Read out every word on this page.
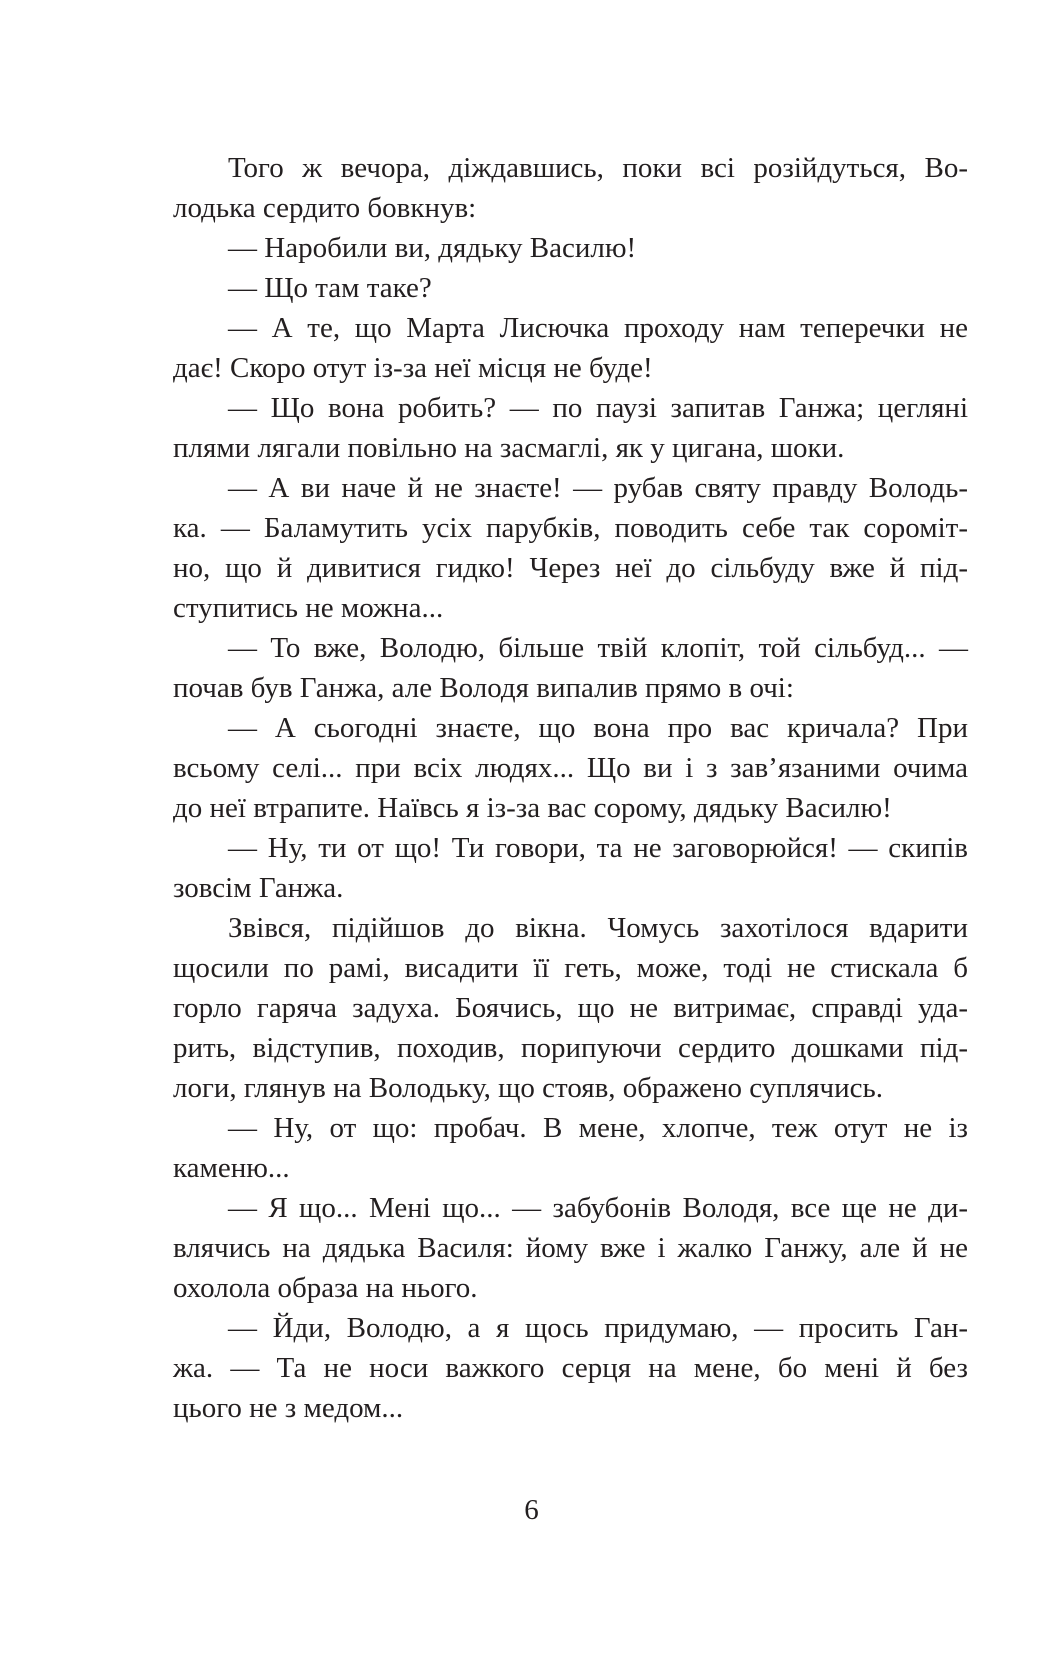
Того ж вечора, діждавшись, поки всі розійдуться, Во-
лодька сердито бовкнув:
— Наробили ви, дядьку Василю!
— Що там таке?
— А те, що Марта Лисючка проходу нам теперечки не
дає! Скоро отут із-за неї місця не буде!
— Що вона робить? — по паузі запитав Ганжа; цегляні
плями лягали повільно на засмаглі, як у цигана, шоки.
— А ви наче й не знаєте! — рубав святу правду Володь-
ка. — Баламутить усіх парубків, поводить себе так сороміт-
но, що й дивитися гидко! Через неї до сільбуду вже й під-
ступитись не можна...
— То вже, Володю, більше твій клопіт, той сільбуд... —
почав був Ганжа, але Володя випалив прямо в очі:
— А сьогодні знаєте, що вона про вас кричала? При
всьому селі... при всіх людях... Що ви і з зав’язаними очима
до неї втрапите. Наївсь я із-за вас сорому, дядьку Василю!
— Ну, ти от що! Ти говори, та не заговорюйся! — скипів
зовсім Ганжа.
Звівся, підійшов до вікна. Чомусь захотілося вдарити
щосили по рамі, висадити її геть, може, тоді не стискала б
горло гаряча задуха. Боячись, що не витримає, справді уда-
рить, відступив, походив, порипуючи сердито дошками під-
логи, глянув на Володьку, що стояв, ображено суплячись.
— Ну, от що: пробач. В мене, хлопче, теж отут не із
каменю...
— Я що... Мені що... — забубонів Володя, все ще не ди-
влячись на дядька Василя: йому вже і жалко Ганжу, але й не
охолола образа на нього.
— Йди, Володю, а я щось придумаю, — просить Ган-
жа. — Та не носи важкого серця на мене, бо мені й без
цього не з медом...
6
